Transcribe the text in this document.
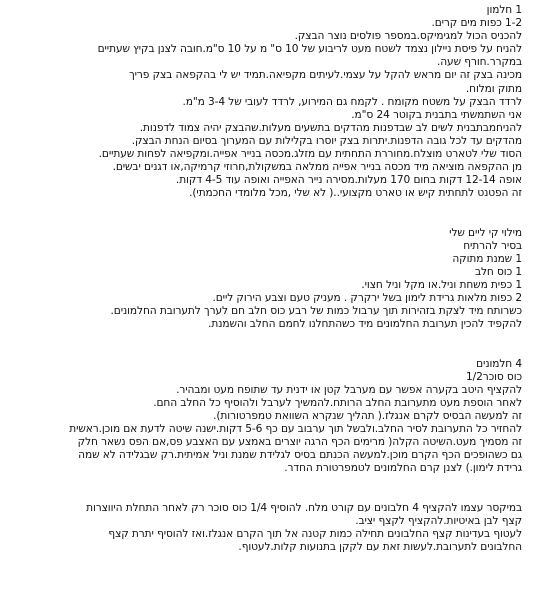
1 חלמון
1-2 כפות מים קרים.
להכניס הכול למגימיקס.במספר פולסים נוצר הבצק.
להניח על פיסת ניילון נצמד לשטח מעט לריבוע של 10 ס" מ על 10 ס"מ.חובה לצנן בקיץ שעתיים
במקרר.חורף שעה.
מכינה בצק זה יום מראש להקל על עצמי.לעיתים מקפיאה.תמיד יש לי בהקפאה בצק פריך
מתוק ומלוח.
לרדד הבצק על משטח מקומח . לקמח גם המירוע, לרדד לעובי של 3-4 מ"מ.
אני השתמשתי בתבנית בקוטר 24 ס"מ.
להניחמבתבנית לשים לב שבדפנות מהדקים בתשעים מעלות.שהבצק יהיה צמוד לדפנות.
מהדקים עד לכל גובה הדפנות.יתרות בצק יוסרו בקלילות עם המערוך בסיום הנחת הבצק.
הסוד שלי לטארט מוצלח.מחוררת התחתית עם מזלג.מכסה בנייר אפייה.ומקפיאה לפחות שעתיים.
מן ההקפאה מוציאה מיד מכסה בנייר אפייה ממלאה במשקולת,חרוזי קרמיקה,או דגנים יבשים.
אופה 12-14 דקות בחום 170 מעלות.מסירה נייר האפייה ואופה עוד 4-5 דקות.
זה הפטנט לתחתית קיש או טארט מקצועי..( לא שלי ,מכל מלומדי החכמתי).
מילוי קי ליים שלי
בסיר להרתיח
1 שמנת מתוקה
1 כוס חלב
1 כפית משחת וניל.או מקל וניל חצוי.
2 כפות מלאות גרידת לימון בשל ירקרק . מעניק טעם וצבע הירוק ליים.
כשרותח מיד לצקת בזהירות תוך ערבול כמות של רבע כוס חלב חם לערך לתערובת החלמונים.
להקפיד להכין תערובת החלמונים מיד כשהתחלנו לחמם החלב והשמנת.
4 חלמונים
כוס סוכר1/2
להקציף היטב בקערה אפשר עם מערבל קטן או ידנית עד שתופח מעט ומבהיר.
לאחר הוספת מעט מתערובת החלב הרותח.להמשיך לערבל ולהוסיף כל החלב החם.
זה למעשה הבסיס לקרם אנגלז.( תהליך שנקרא השוואת טמפרטורות).
להחזיר כל התערובת לסיר החלב.ולבשל תוך ערבוב עם כף 5-6 דקות.ישנה שיטה לדעת אם מוכן.ראשית
זה מסמיך מעט.השיטה הקלה( מרימים הכף הרגה יוצרים באמצע עם האצבע פס,אם הפס נשאר חלק
גם כשהופכים הכף הקרם מוכן.למעשה הכנתם בסיס לגלידת שמנת וניל אמיתית.רק שבגלידה לא שמה
גרידת לימון.) לצנן קרם החלמונים לטמפרטורת החדר.
במיקסר עצמו להקציף 4 חלבונים עם קורט מלח. להוסיף 1/4 כוס סוכר רק לאחר התחלת היווצרות
קצף לבן באיטיות.להקציף לקצף יציב.
לעטוף בעדינות קצף החלבונים תחילה כמות קטנה אל תוך הקרם אנגלז.ואז להוסיף יתרת קצף
החלבונים לתערובת.לעשות זאת עם לקקן בתנועות קלות.לעטוף.
